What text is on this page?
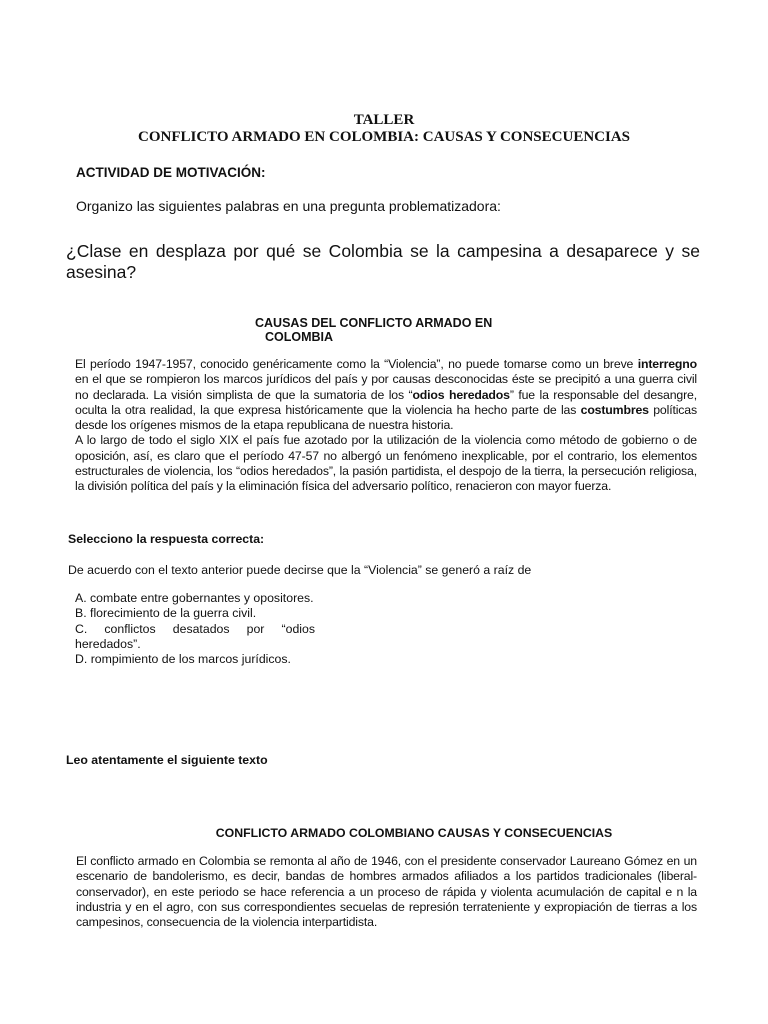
TALLER
CONFLICTO ARMADO EN COLOMBIA: CAUSAS Y CONSECUENCIAS
ACTIVIDAD DE MOTIVACIÓN:
Organizo las siguientes palabras en una pregunta problematizadora:
¿Clase en desplaza por qué se Colombia se la campesina a desaparece y se asesina?
CAUSAS DEL CONFLICTO ARMADO EN
COLOMBIA

El período 1947-1957, conocido genéricamente como la “Violencia”, no puede tomarse como un breve interregno en el que se rompieron los marcos jurídicos del país y por causas desconocidas éste se precipitó a una guerra civil no declarada. La visión simplista de que la sumatoria de los “odios heredados” fue la responsable del desangre, oculta la otra realidad, la que expresa históricamente que la violencia ha hecho parte de las costumbres políticas desde los orígenes mismos de la etapa republicana de nuestra historia.

A lo largo de todo el siglo XIX el país fue azotado por la utilización de la violencia como método de gobierno o de oposición, así, es claro que el período 47-57 no albergó un fenómeno inexplicable, por el contrario, los elementos estructurales de violencia, los “odios heredados”, la pasión partidista, el despojo de la tierra, la persecución religiosa, la división política del país y la eliminación física del adversario político, renacieron con mayor fuerza.

Selecciono la respuesta correcta:
De acuerdo con el texto anterior puede decirse que la “Violencia” se generó a raíz de
A. combate entre gobernantes y opositores.
B. florecimiento de la guerra civil.
C. conflictos desatados por “odios heredados”.
D. rompimiento de los marcos jurídicos.
Leo atentamente el siguiente texto
CONFLICTO ARMADO COLOMBIANO CAUSAS Y CONSECUENCIAS
El conflicto armado en Colombia se remonta al año de 1946, con el presidente conservador Laureano Gómez en un escenario de bandolerismo, es decir, bandas de hombres armados afiliados a los partidos tradicionales (liberal- conservador), en este periodo se hace referencia a un proceso de rápida y violenta acumulación de capital e n la industria y en el agro, con sus correspondientes secuelas de represión terrateniente y expropiación de tierras a los campesinos, consecuencia de la violencia interpartidista.
